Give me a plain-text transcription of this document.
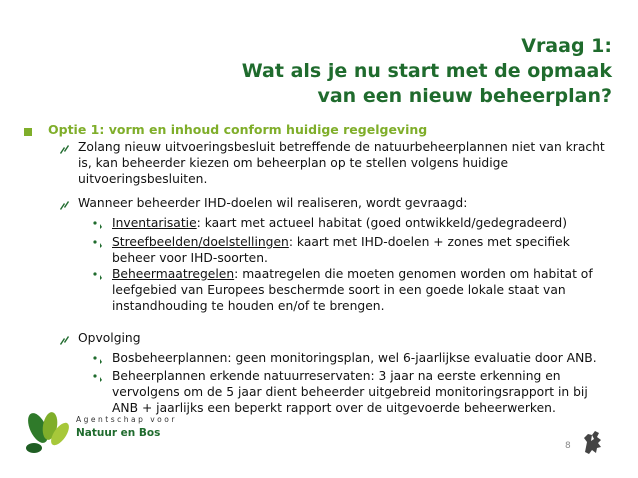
Vraag 1:
Wat als je nu start met de opmaak
van een nieuw beheerplan?
Optie 1: vorm en inhoud conform huidige regelgeving
Zolang nieuw uitvoeringsbesluit betreffende de natuurbeheerplannen niet van kracht
is, kan beheerder kiezen om beheerplan op te stellen volgens huidige
uitvoeringsbesluiten.
Wanneer beheerder IHD-doelen wil realiseren, wordt gevraagd:
Inventarisatie: kaart met actueel habitat (goed ontwikkeld/gedegradeerd)
Streefbeelden/doelstellingen: kaart met IHD-doelen + zones met specifiek
beheer voor IHD-soorten.
Beheermaatregelen: maatregelen die moeten genomen worden om habitat of
leefgebied van Europees beschermde soort in een goede lokale staat van
instandhouding te houden en/of te brengen.
Opvolging
Bosbeheerplannen: geen monitoringsplan, wel 6-jaarlijkse evaluatie door ANB.
Beheerplannen erkende natuurreservaten: 3 jaar na eerste erkenning en
vervolgens om de 5 jaar dient beheerder uitgebreid monitoringsrapport in bij
ANB + jaarlijks een beperkt rapport over de uitgevoerde beheerwerken.
Agentschap voor
Natuur en Bos
8
